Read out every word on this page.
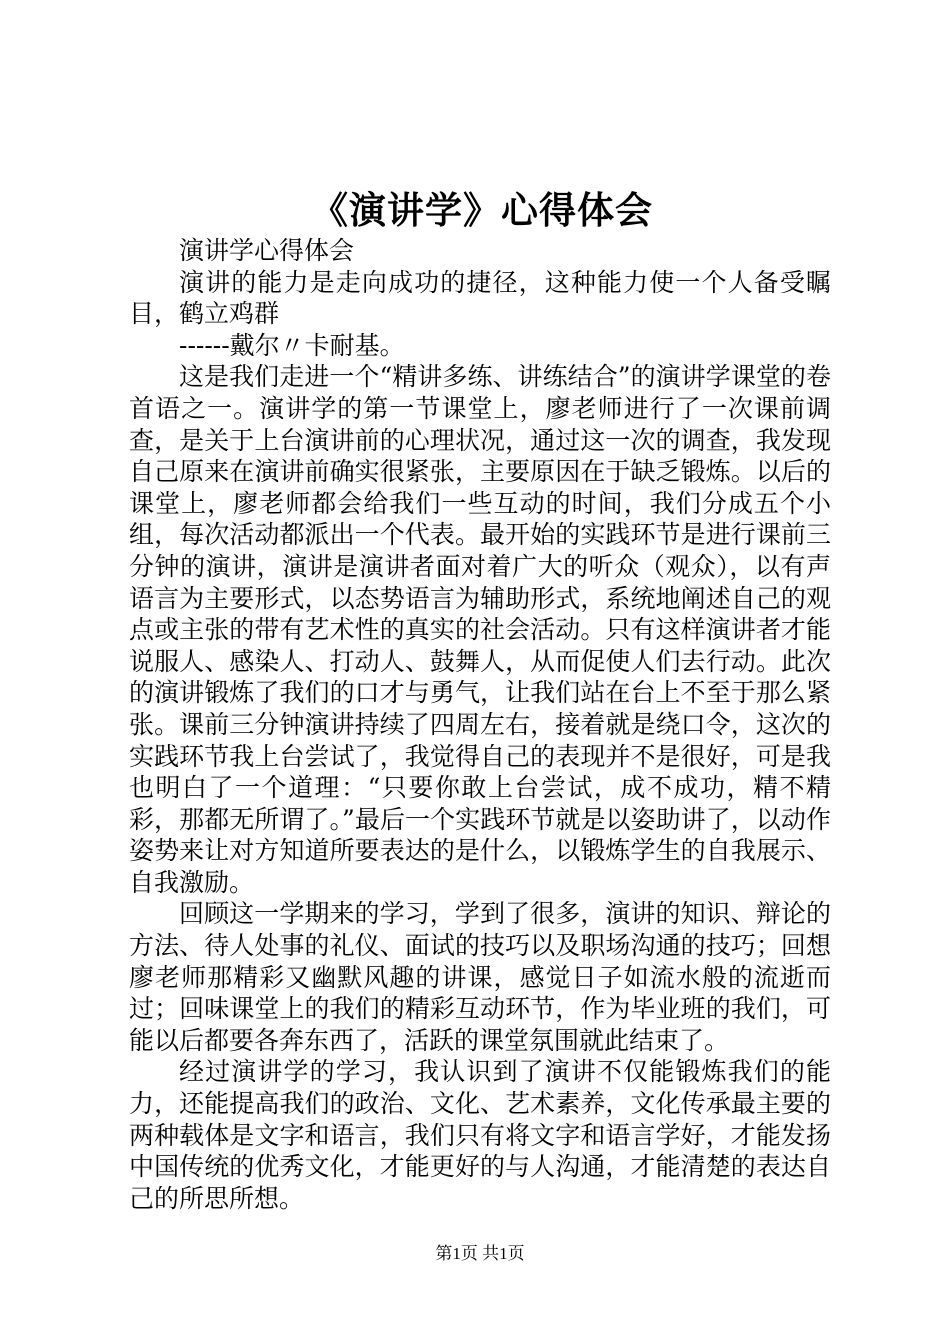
《演讲学》心得体会

演讲学心得体会

演讲的能力是走向成功的捷径，这种能力使一个人备受瞩目，鹤立鸡群

------戴尔〃卡耐基。

这是我们走进一个“精讲多练、讲练结合”的演讲学课堂的卷首语之一。演讲学的第一节课堂上，廖老师进行了一次课前调查，是关于上台演讲前的心理状况，通过这一次的调查，我发现自己原来在演讲前确实很紧张，主要原因在于缺乏锻炼。以后的课堂上，廖老师都会给我们一些互动的时间，我们分成五个小组，每次活动都派出一个代表。最开始的实践环节是进行课前三分钟的演讲，演讲是演讲者面对着广大的听众（观众），以有声语言为主要形式，以态势语言为辅助形式，系统地阐述自己的观点或主张的带有艺术性的真实的社会活动。只有这样演讲者才能说服人、感染人、打动人、鼓舞人，从而促使人们去行动。此次的演讲锻炼了我们的口才与勇气，让我们站在台上不至于那么紧张。课前三分钟演讲持续了四周左右，接着就是绕口令，这次的实践环节我上台尝试了，我觉得自己的表现并不是很好，可是我也明白了一个道理：“只要你敢上台尝试，成不成功，精不精彩，那都无所谓了。”最后一个实践环节就是以姿助讲了，以动作姿势来让对方知道所要表达的是什么，以锻炼学生的自我展示、自我激励。

回顾这一学期来的学习，学到了很多，演讲的知识、辩论的方法、待人处事的礼仪、面试的技巧以及职场沟通的技巧；回想廖老师那精彩又幽默风趣的讲课，感觉日子如流水般的流逝而过；回味课堂上的我们的精彩互动环节，作为毕业班的我们，可能以后都要各奔东西了，活跃的课堂氛围就此结束了。

经过演讲学的学习，我认识到了演讲不仅能锻炼我们的能力，还能提高我们的政治、文化、艺术素养，文化传承最主要的两种载体是文字和语言，我们只有将文字和语言学好，才能发扬中国传统的优秀文化，才能更好的与人沟通，才能清楚的表达自己的所思所想。

第1页 共1页
